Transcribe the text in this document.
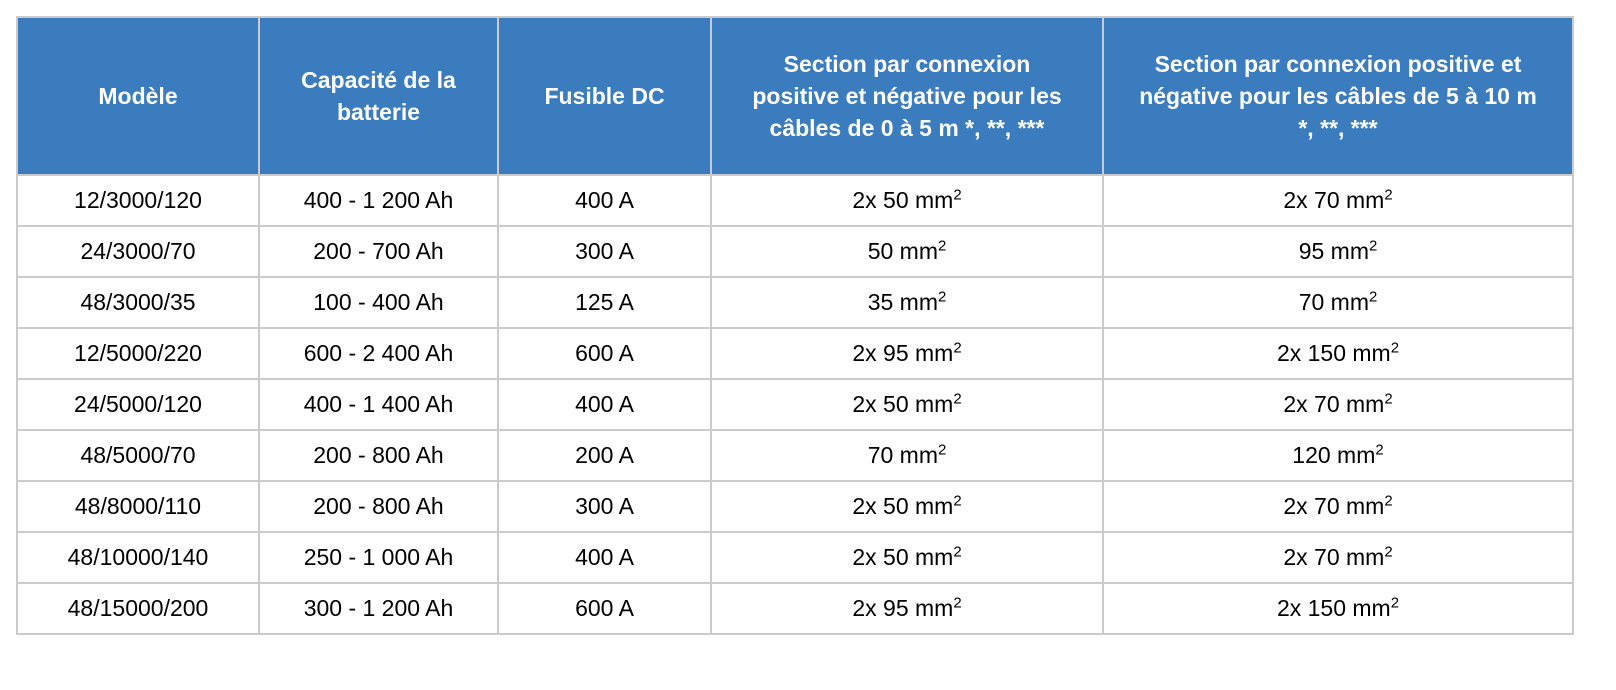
Modèle	Capacité de la batterie	Fusible DC	Section par connexion positive et négative pour les câbles de 0 à 5 m *, **, ***	Section par connexion positive et négative pour les câbles de 5 à 10 m *, **, ***
12/3000/120	400 - 1 200 Ah	400 A	2x 50 $mm^2$	2x 70 $mm^2$
24/3000/70	200 - 700 Ah	300 A	50 $mm^2$	95 $mm^2$
48/3000/35	100 - 400 Ah	125 A	35 $mm^2$	70 $mm^2$
12/5000/220	600 - 2 400 Ah	600 A	2x 95 $mm^2$	2x 150 $mm^2$
24/5000/120	400 - 1 400 Ah	400 A	2x 50 $mm^2$	2x 70 $mm^2$
48/5000/70	200 - 800 Ah	200 A	70 $mm^2$	120 $mm^2$
48/8000/110	200 - 800 Ah	300 A	2x 50 $mm^2$	2x 70 $mm^2$
48/10000/140	250 - 1 000 Ah	400 A	2x 50 $mm^2$	2x 70 $mm^2$
48/15000/200	300 - 1 200 Ah	600 A	2x 95 $mm^2$	2x 150 $mm^2$
